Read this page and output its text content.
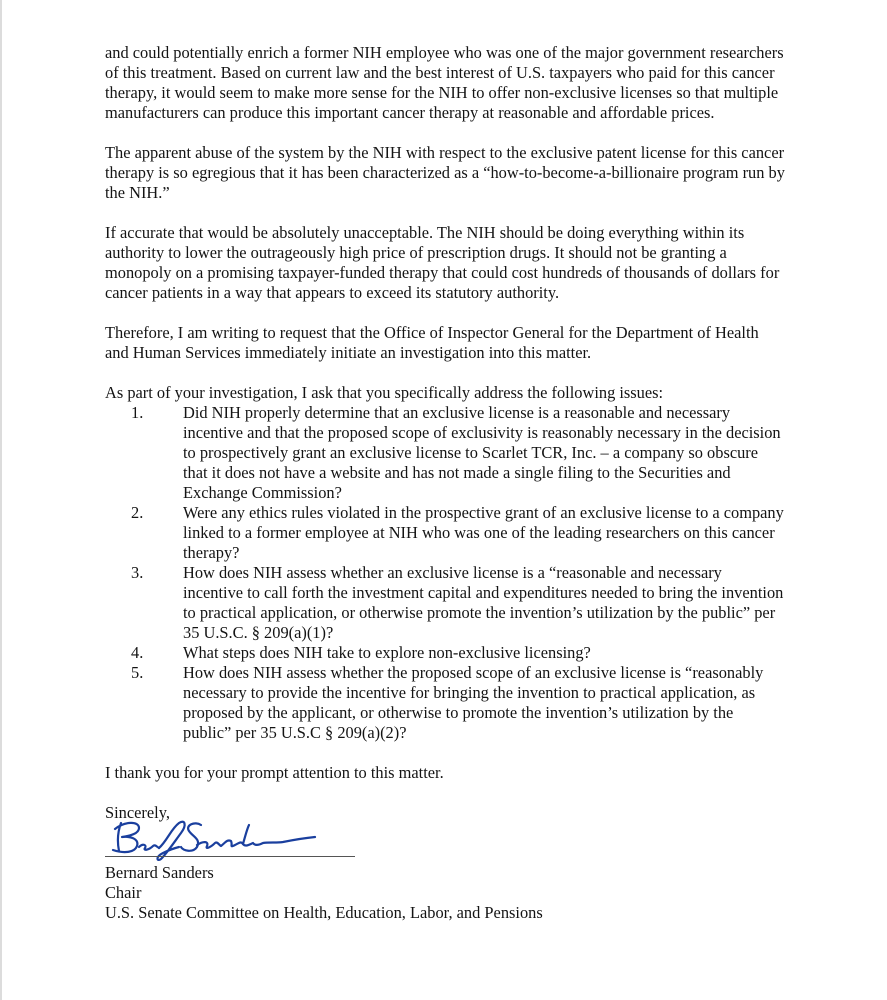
and could potentially enrich a former NIH employee who was one of the major government researchers of this treatment. Based on current law and the best interest of U.S. taxpayers who paid for this cancer therapy, it would seem to make more sense for the NIH to offer non-exclusive licenses so that multiple manufacturers can produce this important cancer therapy at reasonable and affordable prices.

The apparent abuse of the system by the NIH with respect to the exclusive patent license for this cancer therapy is so egregious that it has been characterized as a “how-to-become-a-billionaire program run by the NIH.”

If accurate that would be absolutely unacceptable. The NIH should be doing everything within its authority to lower the outrageously high price of prescription drugs. It should not be granting a monopoly on a promising taxpayer-funded therapy that could cost hundreds of thousands of dollars for cancer patients in a way that appears to exceed its statutory authority.

Therefore, I am writing to request that the Office of Inspector General for the Department of Health and Human Services immediately initiate an investigation into this matter.

As part of your investigation, I ask that you specifically address the following issues:
1. Did NIH properly determine that an exclusive license is a reasonable and necessary incentive and that the proposed scope of exclusivity is reasonably necessary in the decision to prospectively grant an exclusive license to Scarlet TCR, Inc. – a company so obscure that it does not have a website and has not made a single filing to the Securities and Exchange Commission?
2. Were any ethics rules violated in the prospective grant of an exclusive license to a company linked to a former employee at NIH who was one of the leading researchers on this cancer therapy?
3. How does NIH assess whether an exclusive license is a “reasonable and necessary incentive to call forth the investment capital and expenditures needed to bring the invention to practical application, or otherwise promote the invention’s utilization by the public” per 35 U.S.C. § 209(a)(1)?
4. What steps does NIH take to explore non-exclusive licensing?
5. How does NIH assess whether the proposed scope of an exclusive license is “reasonably necessary to provide the incentive for bringing the invention to practical application, as proposed by the applicant, or otherwise to promote the invention’s utilization by the public” per 35 U.S.C § 209(a)(2)?

I thank you for your prompt attention to this matter.

Sincerely,
Bernard Sanders
Chair
U.S. Senate Committee on Health, Education, Labor, and Pensions
